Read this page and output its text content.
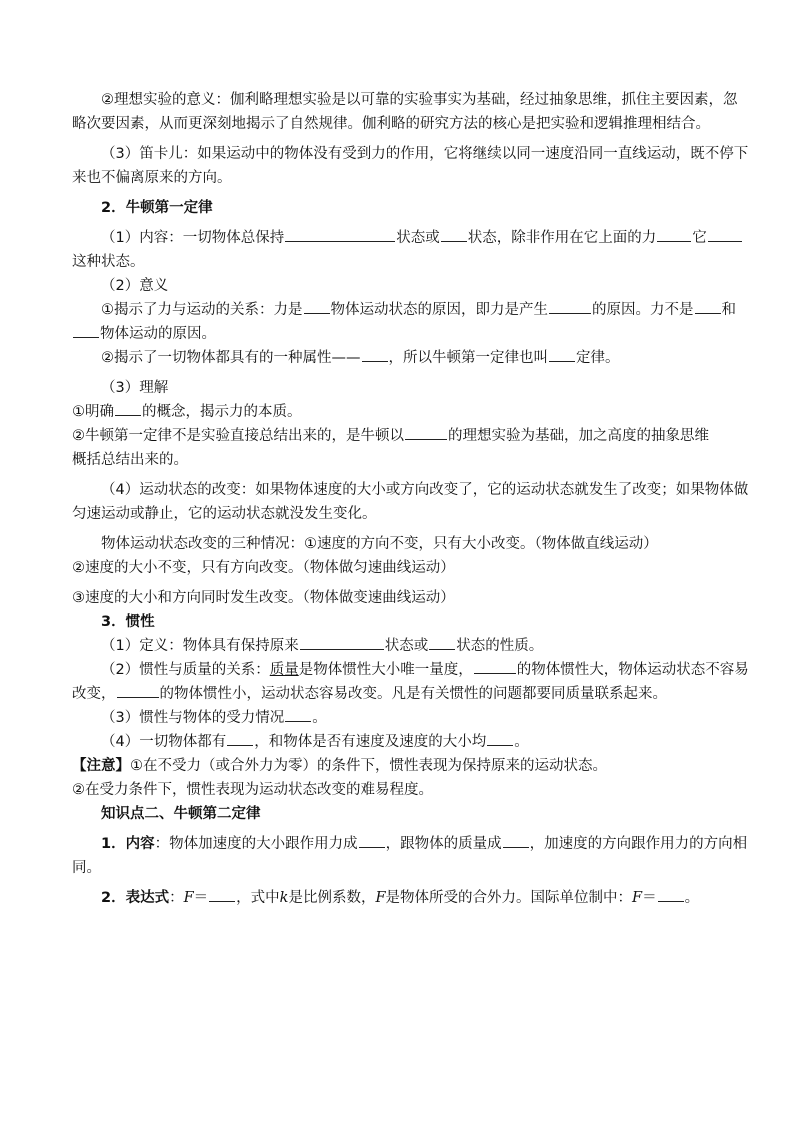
②理想实验的意义：伽利略理想实验是以可靠的实验事实为基础，经过抽象思维，抓住主要因素，忽
略次要因素，从而更深刻地揭示了自然规律。伽利略的研究方法的核心是把实验和逻辑推理相结合。
（3）笛卡儿：如果运动中的物体没有受到力的作用，它将继续以同一速度沿同一直线运动，既不停下
来也不偏离原来的方向。
2．牛顿第一定律
（1）内容：一切物体总保持	状态或 状态，除非作用在它上面的力 它
这种状态。
（2）意义
①揭示了力与运动的关系：力是 物体运动状态的原因，即力是产生	的原因。力不是 和
物体运动的原因。
②揭示了一切物体都具有的一种属性—— ，所以牛顿第一定律也叫 定律。
（3）理解
①明确 的概念，揭示力的本质。
②牛顿第一定律不是实验直接总结出来的，是牛顿以	的理想实验为基础，加之高度的抽象思维
概括总结出来的。
（4）运动状态的改变：如果物体速度的大小或方向改变了，它的运动状态就发生了改变；如果物体做
匀速运动或静止，它的运动状态就没发生变化。
物体运动状态改变的三种情况：①速度的方向不变，只有大小改变。（物体做直线运动）
②速度的大小不变，只有方向改变。（物体做匀速曲线运动）
③速度的大小和方向同时发生改变。（物体做变速曲线运动）
3．惯性
（1）定义：物体具有保持原来	状态或 状态的性质。
（2）惯性与质量的关系：质量是物体惯性大小唯一量度，	的物体惯性大，物体运动状态不容易
改变，	的物体惯性小，运动状态容易改变。凡是有关惯性的问题都要同质量联系起来。
（3）惯性与物体的受力情况 。
（4）一切物体都有 ，和物体是否有速度及速度的大小均 。
【注意】①在不受力（或合外力为零）的条件下，惯性表现为保持原来的运动状态。
②在受力条件下，惯性表现为运动状态改变的难易程度。
知识点二、牛顿第二定律
1．内容：物体加速度的大小跟作用力成 ，跟物体的质量成 ，加速度的方向跟作用力的方向相
同。
2．表达式：F＝ ，式中k是比例系数，F是物体所受的合外力。国际单位制中：F＝ 。
